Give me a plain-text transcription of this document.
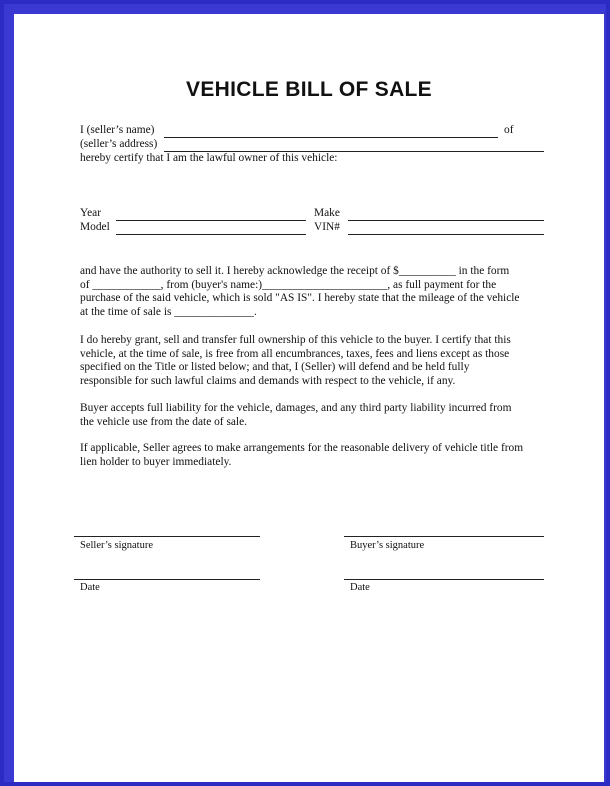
VEHICLE BILL OF SALE
I (seller’s name)	of
(seller’s address)
hereby certify that I am the lawful owner of this vehicle:
Year	Make
Model	VIN#
and have the authority to sell it. I hereby acknowledge the receipt of $__________ in the form
of ____________, from (buyer's name:)______________________, as full payment for the
purchase of the said vehicle, which is sold "AS IS". I hereby state that the mileage of the vehicle
at the time of sale is ______________.
I do hereby grant, sell and transfer full ownership of this vehicle to the buyer. I certify that this
vehicle, at the time of sale, is free from all encumbrances, taxes, fees and liens except as those
specified on the Title or listed below; and that, I (Seller) will defend and be held fully
responsible for such lawful claims and demands with respect to the vehicle, if any.
Buyer accepts full liability for the vehicle, damages, and any third party liability incurred from
the vehicle use from the date of sale.
If applicable, Seller agrees to make arrangements for the reasonable delivery of vehicle title from
lien holder to buyer immediately.
Seller’s signature	Buyer’s signature
Date	Date
